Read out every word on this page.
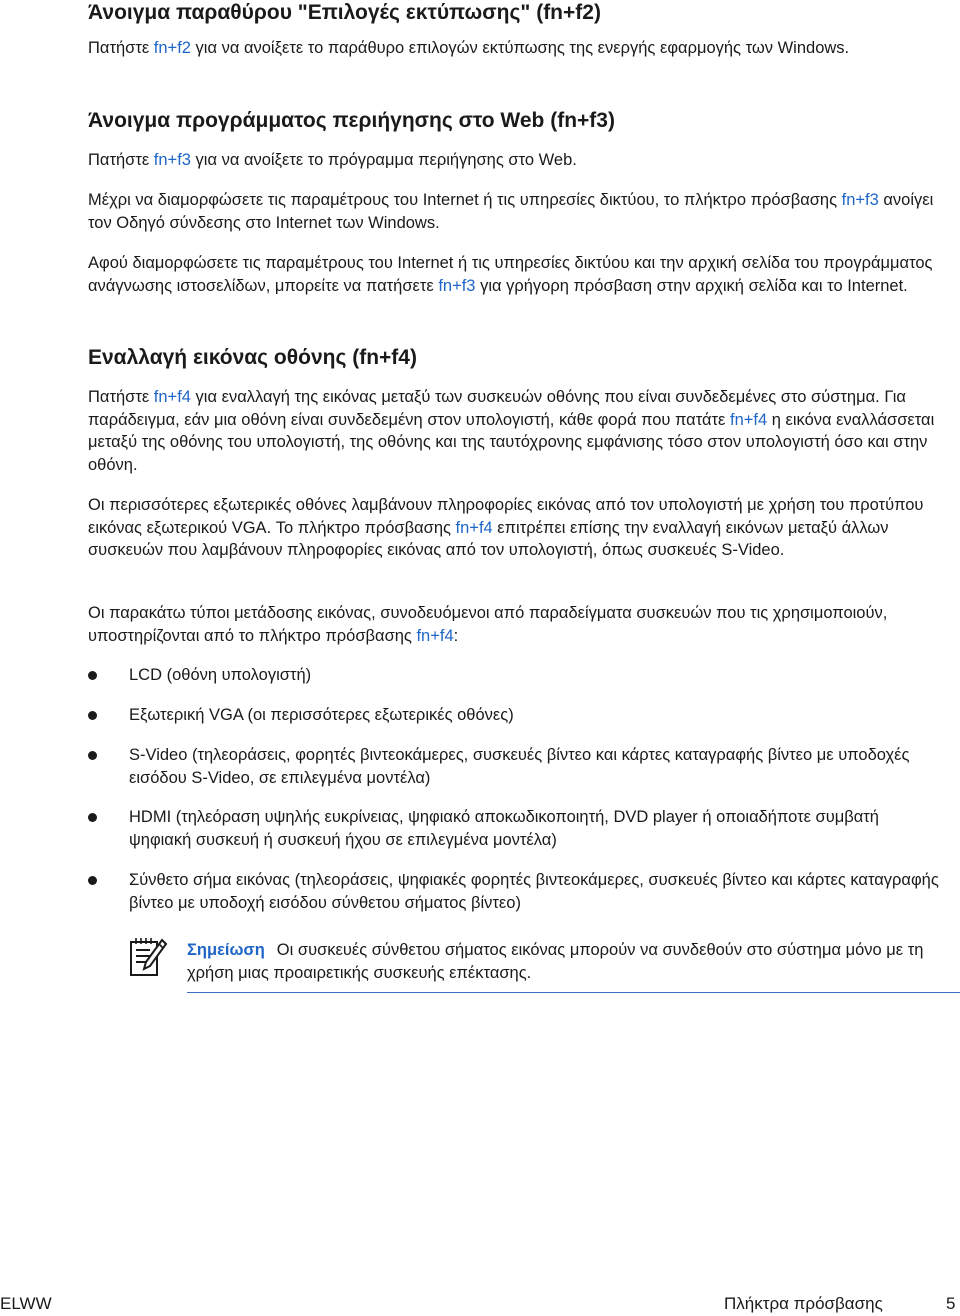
Άνοιγμα παραθύρου "Επιλογές εκτύπωσης" (fn+f2)

Πατήστε fn+f2 για να ανοίξετε το παράθυρο επιλογών εκτύπωσης της ενεργής εφαρμογής των Windows.

Άνοιγμα προγράμματος περιήγησης στο Web (fn+f3)

Πατήστε fn+f3 για να ανοίξετε το πρόγραμμα περιήγησης στο Web.

Μέχρι να διαμορφώσετε τις παραμέτρους του Internet ή τις υπηρεσίες δικτύου, το πλήκτρο πρόσβασης fn+f3 ανοίγει τον Οδηγό σύνδεσης στο Internet των Windows.

Αφού διαμορφώσετε τις παραμέτρους του Internet ή τις υπηρεσίες δικτύου και την αρχική σελίδα του προγράμματος ανάγνωσης ιστοσελίδων, μπορείτε να πατήσετε fn+f3 για γρήγορη πρόσβαση στην αρχική σελίδα και το Internet.

Εναλλαγή εικόνας οθόνης (fn+f4)

Πατήστε fn+f4 για εναλλαγή της εικόνας μεταξύ των συσκευών οθόνης που είναι συνδεδεμένες στο σύστημα. Για παράδειγμα, εάν μια οθόνη είναι συνδεδεμένη στον υπολογιστή, κάθε φορά που πατάτε fn+f4 η εικόνα εναλλάσσεται μεταξύ της οθόνης του υπολογιστή, της οθόνης και της ταυτόχρονης εμφάνισης τόσο στον υπολογιστή όσο και στην οθόνη.

Οι περισσότερες εξωτερικές οθόνες λαμβάνουν πληροφορίες εικόνας από τον υπολογιστή με χρήση του προτύπου εικόνας εξωτερικού VGA. Το πλήκτρο πρόσβασης fn+f4 επιτρέπει επίσης την εναλλαγή εικόνων μεταξύ άλλων συσκευών που λαμβάνουν πληροφορίες εικόνας από τον υπολογιστή, όπως συσκευές S-Video.

Οι παρακάτω τύποι μετάδοσης εικόνας, συνοδευόμενοι από παραδείγματα συσκευών που τις χρησιμοποιούν, υποστηρίζονται από το πλήκτρο πρόσβασης fn+f4:

LCD (οθόνη υπολογιστή)
Εξωτερική VGA (οι περισσότερες εξωτερικές οθόνες)
S-Video (τηλεοράσεις, φορητές βιντεοκάμερες, συσκευές βίντεο και κάρτες καταγραφής βίντεο με υποδοχές εισόδου S-Video, σε επιλεγμένα μοντέλα)
HDMI (τηλεόραση υψηλής ευκρίνειας, ψηφιακό αποκωδικοποιητή, DVD player ή οποιαδήποτε συμβατή ψηφιακή συσκευή ή συσκευή ήχου σε επιλεγμένα μοντέλα)
Σύνθετο σήμα εικόνας (τηλεοράσεις, ψηφιακές φορητές βιντεοκάμερες, συσκευές βίντεο και κάρτες καταγραφής βίντεο με υποδοχή εισόδου σύνθετου σήματος βίντεο)

Σημείωση Οι συσκευές σύνθετου σήματος εικόνας μπορούν να συνδεθούν στο σύστημα μόνο με τη χρήση μιας προαιρετικής συσκευής επέκτασης.

ELWW	Πλήκτρα πρόσβασης	5
